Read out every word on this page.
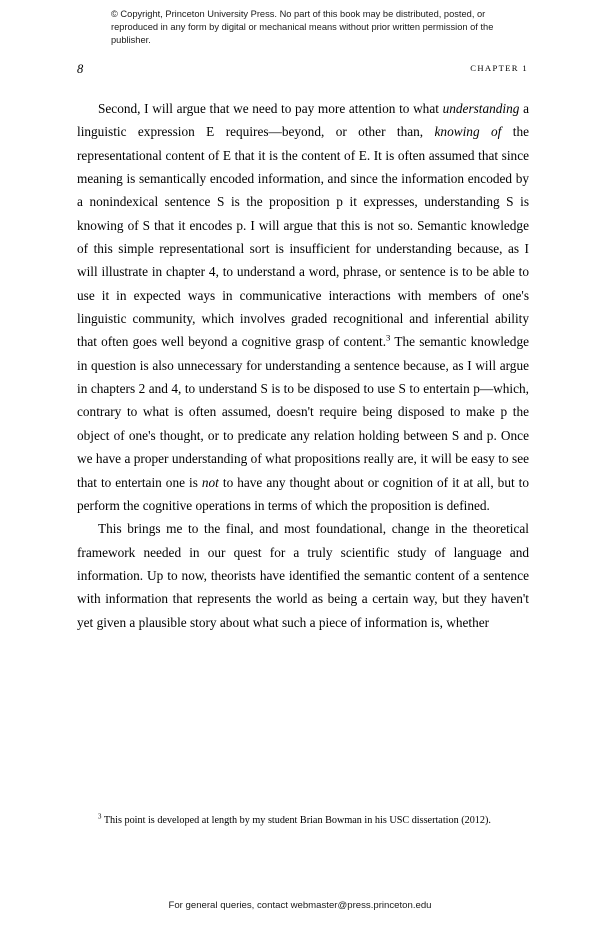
© Copyright, Princeton University Press. No part of this book may be distributed, posted, or reproduced in any form by digital or mechanical means without prior written permission of the publisher.
8	CHAPTER 1

Second, I will argue that we need to pay more attention to what understanding a linguistic expression E requires—beyond, or other than, knowing of the representational content of E that it is the content of E. It is often assumed that since meaning is semantically encoded information, and since the information encoded by a nonindexical sentence S is the proposition p it expresses, understanding S is knowing of S that it encodes p. I will argue that this is not so. Semantic knowledge of this simple representational sort is insufficient for understanding because, as I will illustrate in chapter 4, to understand a word, phrase, or sentence is to be able to use it in expected ways in communicative interactions with members of one's linguistic community, which involves graded recognitional and inferential ability that often goes well beyond a cognitive grasp of content.$^3$ The semantic knowledge in question is also unnecessary for understanding a sentence because, as I will argue in chapters 2 and 4, to understand S is to be disposed to use S to entertain p—which, contrary to what is often assumed, doesn't require being disposed to make p the object of one's thought, or to predicate any relation holding between S and p. Once we have a proper understanding of what propositions really are, it will be easy to see that to entertain one is not to have any thought about or cognition of it at all, but to perform the cognitive operations in terms of which the proposition is defined.

This brings me to the final, and most foundational, change in the theoretical framework needed in our quest for a truly scientific study of language and information. Up to now, theorists have identified the semantic content of a sentence with information that represents the world as being a certain way, but they haven't yet given a plausible story about what such a piece of information is, whether

$^3$ This point is developed at length by my student Brian Bowman in his USC dissertation (2012).
For general queries, contact webmaster@press.princeton.edu
